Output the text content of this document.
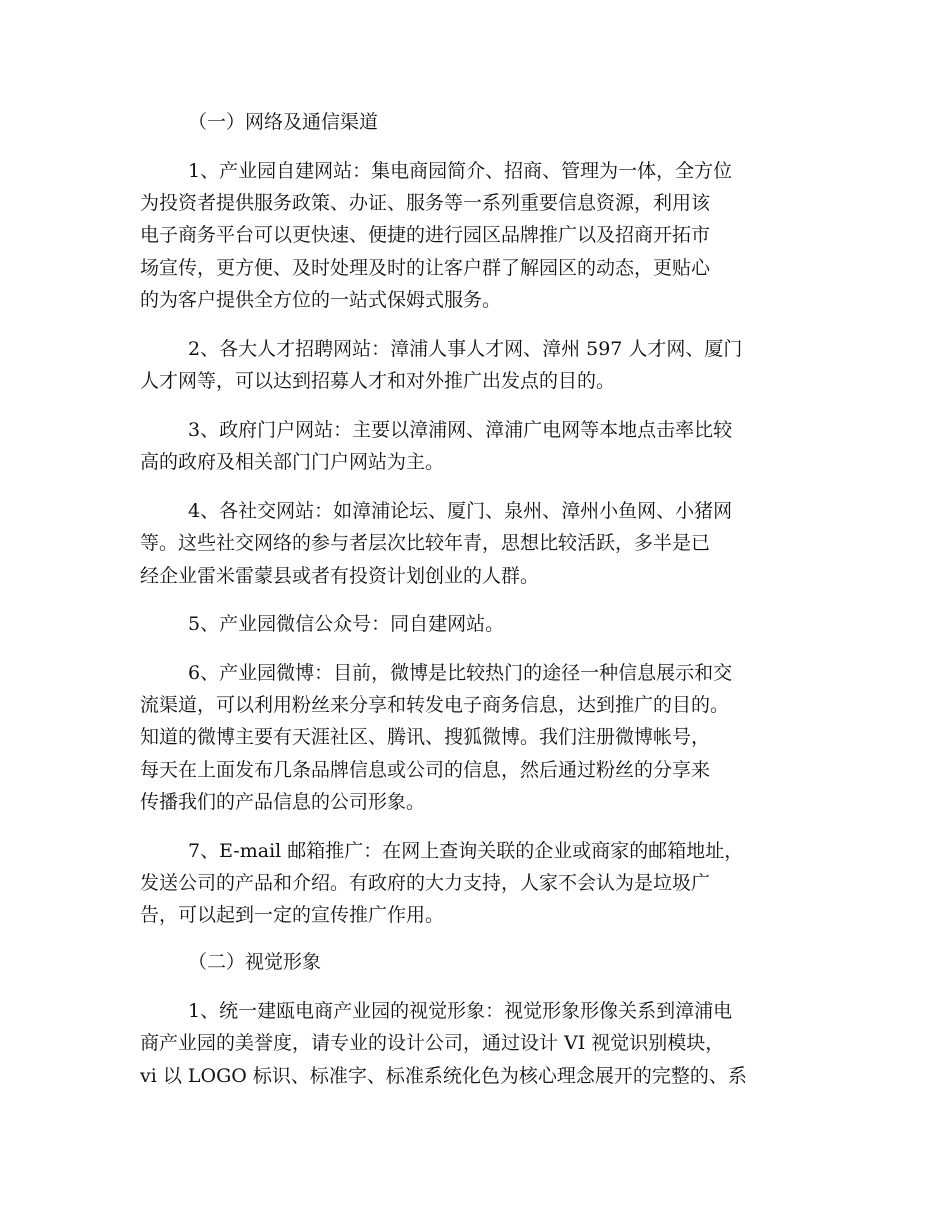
（一）网络及通信渠道
1、产业园自建网站：集电商园简介、招商、管理为一体，全方位
为投资者提供服务政策、办证、服务等一系列重要信息资源，利用该
电子商务平台可以更快速、便捷的进行园区品牌推广以及招商开拓市
场宣传，更方便、及时处理及时的让客户群了解园区的动态，更贴心
的为客户提供全方位的一站式保姆式服务。
2、各大人才招聘网站：漳浦人事人才网、漳州 597 人才网、厦门
人才网等，可以达到招募人才和对外推广出发点的目的。
3、政府门户网站：主要以漳浦网、漳浦广电网等本地点击率比较
高的政府及相关部门门户网站为主。
4、各社交网站：如漳浦论坛、厦门、泉州、漳州小鱼网、小猪网
等。这些社交网络的参与者层次比较年青，思想比较活跃，多半是已
经企业雷米雷蒙县或者有投资计划创业的人群。
5、产业园微信公众号：同自建网站。
6、产业园微博：目前，微博是比较热门的途径一种信息展示和交
流渠道，可以利用粉丝来分享和转发电子商务信息，达到推广的目的。
知道的微博主要有天涯社区、腾讯、搜狐微博。我们注册微博帐号，
每天在上面发布几条品牌信息或公司的信息，然后通过粉丝的分享来
传播我们的产品信息的公司形象。
7、E-mail 邮箱推广：在网上查询关联的企业或商家的邮箱地址，
发送公司的产品和介绍。有政府的大力支持，人家不会认为是垃圾广
告，可以起到一定的宣传推广作用。
（二）视觉形象
1、统一建瓯电商产业园的视觉形象：视觉形象形像关系到漳浦电
商产业园的美誉度，请专业的设计公司，通过设计 VI 视觉识别模块，
vi 以 LOGO 标识、标准字、标准系统化色为核心理念展开的完整的、系
